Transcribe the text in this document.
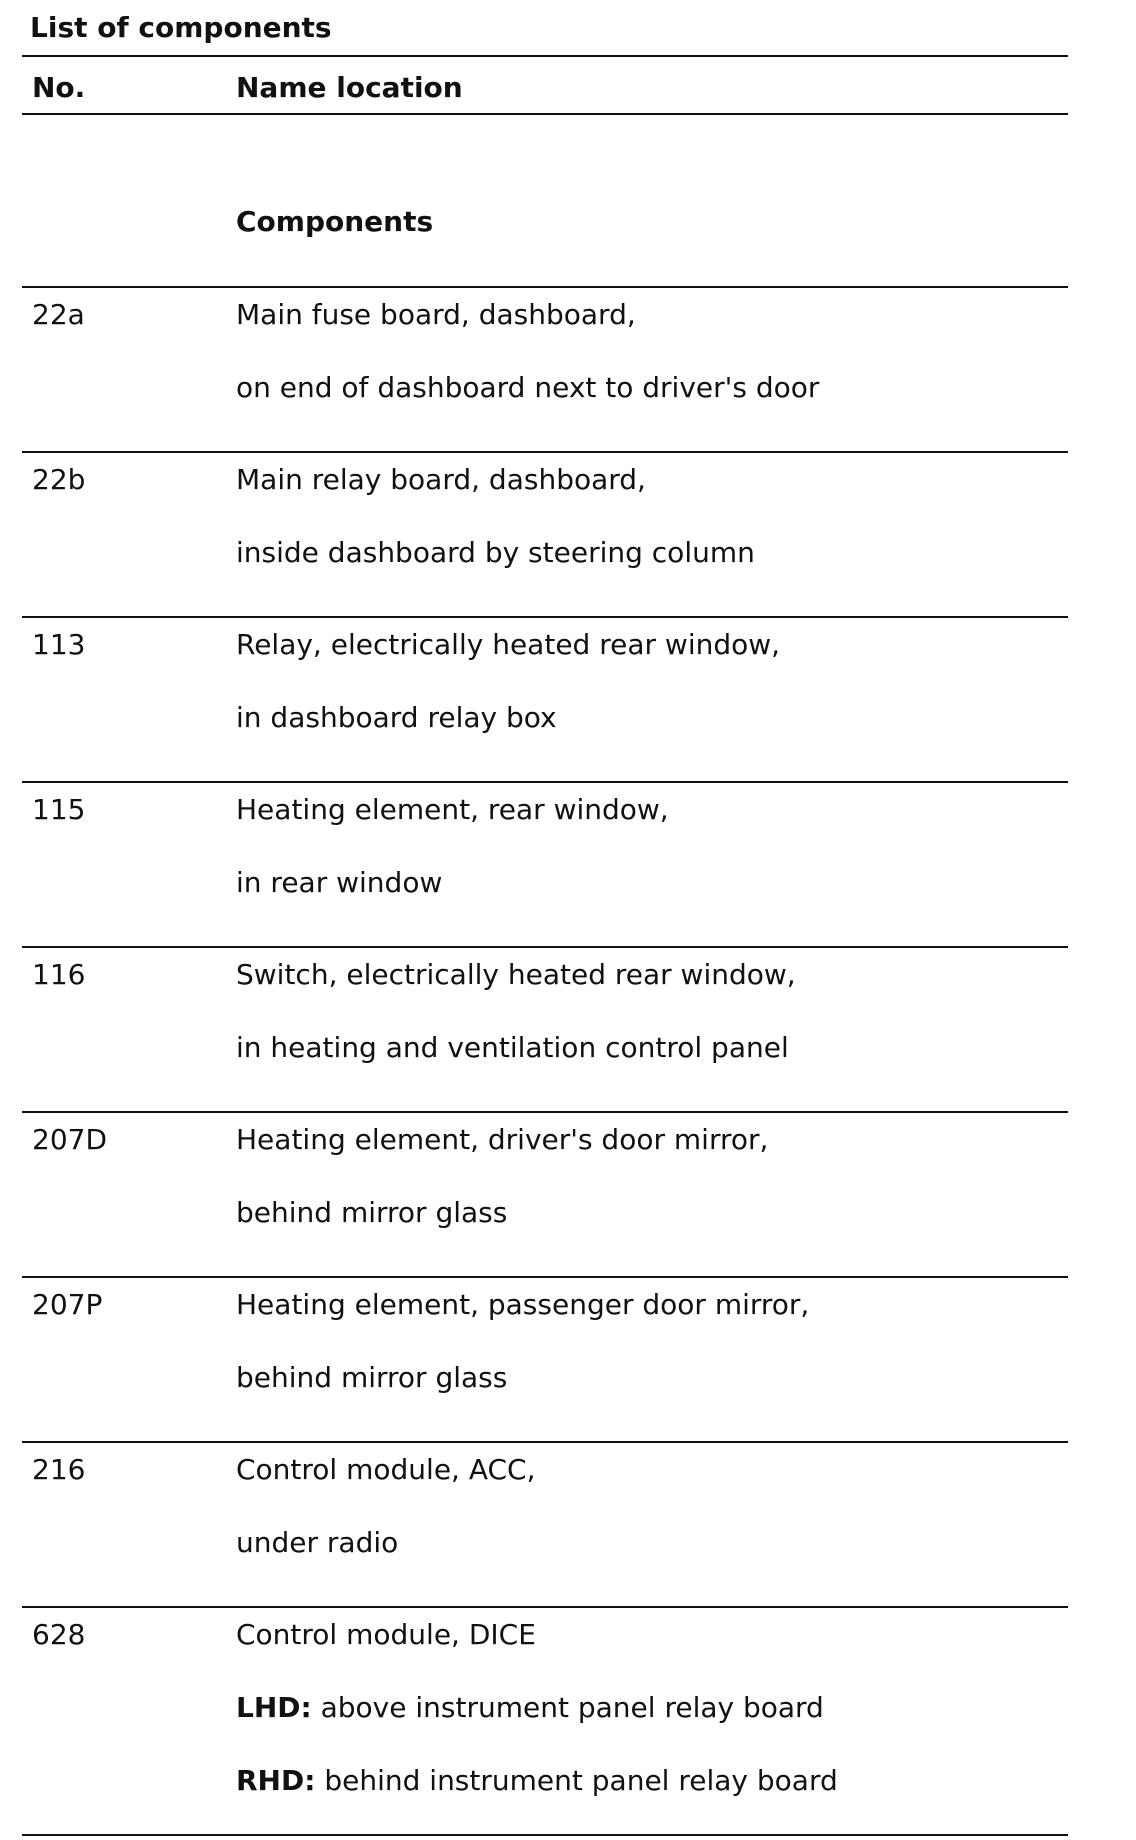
List of components
No.	Name location
Components
22a	Main fuse board, dashboard,
on end of dashboard next to driver's door
22b	Main relay board, dashboard,
inside dashboard by steering column
113	Relay, electrically heated rear window,
in dashboard relay box
115	Heating element, rear window,
in rear window
116	Switch, electrically heated rear window,
in heating and ventilation control panel
207D	Heating element, driver's door mirror,
behind mirror glass
207P	Heating element, passenger door mirror,
behind mirror glass
216	Control module, ACC,
under radio
628	Control module, DICE
LHD: above instrument panel relay board
RHD: behind instrument panel relay board
